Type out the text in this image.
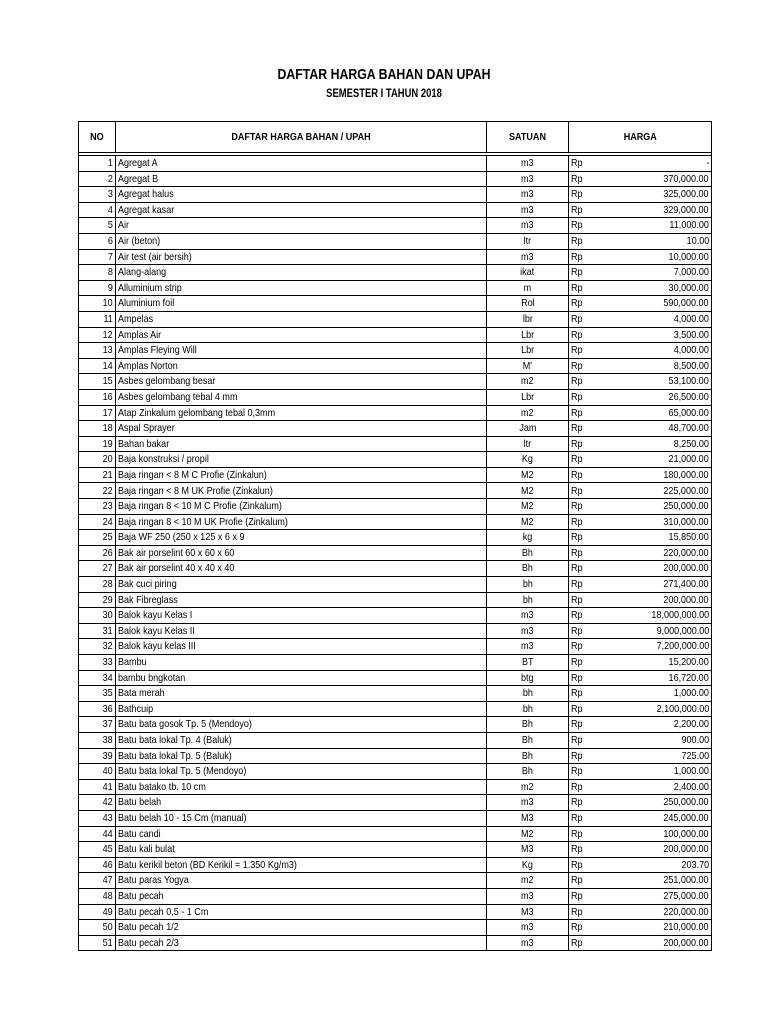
DAFTAR HARGA BAHAN DAN UPAH
SEMESTER I TAHUN 2018
NO	DAFTAR HARGA BAHAN / UPAH	SATUAN	HARGA	

1	Agregat A	m3	Rp	-
2	Agregat B	m3	Rp	370,000.00
3	Agregat halus	m3	Rp	325,000.00
4	Agregat kasar	m3	Rp	329,000.00
5	Air	m3	Rp	11,000.00
6	Air (beton)	ltr	Rp	10.00
7	Air test (air bersih)	m3	Rp	10,000.00
8	Alang-alang	ikat	Rp	7,000.00
9	Alluminium strip	m	Rp	30,000.00
10	Aluminium foil	Rol	Rp	590,000.00
11	Ampelas	lbr	Rp	4,000.00
12	Amplas Air	Lbr	Rp	3,500.00
13	Amplas Fleying Will	Lbr	Rp	4,000.00
14	Amplas Norton	M'	Rp	8,500.00
15	Asbes gelombang besar	m2	Rp	53,100.00
16	Asbes gelombang tebal 4 mm	Lbr	Rp	26,500.00
17	Atap Zinkalum gelombang tebal 0,3mm	m2	Rp	65,000.00
18	Aspal Sprayer	Jam	Rp	48,700.00
19	Bahan bakar	ltr	Rp	8,250.00
20	Baja konstruksi / propil	Kg	Rp	21,000.00
21	Baja ringan < 8 M C Profie (Zinkalun)	M2	Rp	180,000.00
22	Baja ringan < 8 M UK Profie (Zinkalun)	M2	Rp	225,000.00
23	Baja ringan 8 < 10 M C Profie (Zinkalum)	M2	Rp	250,000.00
24	Baja ringan 8 < 10 M UK Profie (Zinkalum)	M2	Rp	310,000.00
25	Baja WF 250 (250 x 125 x 6 x 9	kg	Rp	15,850.00
26	Bak air porselint 60 x 60 x 60	Bh	Rp	220,000.00
27	Bak air porselint 40 x 40 x 40	Bh	Rp	200,000.00
28	Bak cuci piring	bh	Rp	271,400.00
29	Bak Fibreglass	bh	Rp	200,000.00
30	Balok kayu Kelas I	m3	Rp	18,000,000.00
31	Balok kayu Kelas II	m3	Rp	9,000,000.00
32	Balok kayu kelas III	m3	Rp	7,200,000.00
33	Bambu	BT	Rp	15,200.00
34	bambu bngkotan	btg	Rp	16,720.00
35	Bata merah	bh	Rp	1,000.00
36	Bathcuip	bh	Rp	2,100,000.00
37	Batu bata gosok Tp. 5 (Mendoyo)	Bh	Rp	2,200.00
38	Batu bata lokal Tp. 4 (Baluk)	Bh	Rp	900.00
39	Batu bata lokal Tp. 5 (Baluk)	Bh	Rp	725.00
40	Batu bata lokal Tp. 5 (Mendoyo)	Bh	Rp	1,000.00
41	Batu batako tb. 10 cm	m2	Rp	2,400.00
42	Batu belah	m3	Rp	250,000.00
43	Batu belah 10 - 15 Cm (manual)	M3	Rp	245,000.00
44	Batu candi	M2	Rp	100,000.00
45	Batu kali bulat	M3	Rp	200,000.00
46	Batu kerikil beton (BD Kerikil = 1.350 Kg/m3)	Kg	Rp	203.70
47	Batu paras Yogya	m2	Rp	251,000.00
48	Batu pecah	m3	Rp	275,000.00
49	Batu pecah 0,5 - 1 Cm	M3	Rp	220,000.00
50	Batu pecah 1/2	m3	Rp	210,000.00
51	Batu pecah 2/3	m3	Rp	200,000.00
